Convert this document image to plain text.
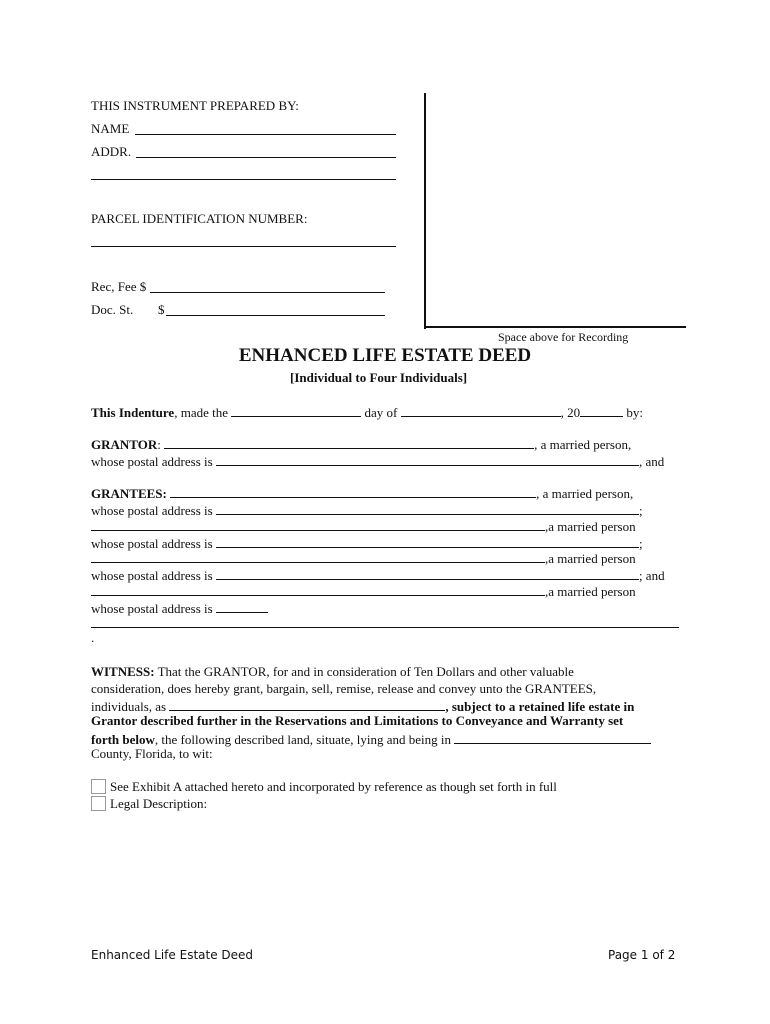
THIS INSTRUMENT PREPARED BY:
NAME
ADDR.
PARCEL IDENTIFICATION NUMBER:
Rec, Fee $
Doc. St. $
Space above for Recording
ENHANCED LIFE ESTATE DEED
[Individual to Four Individuals]
This Indenture, made the	day of	, 20	by:
GRANTOR:	, a married person,
whose postal address is	, and
GRANTEES:	, a married person,
whose postal address is	;
,a married person
whose postal address is	;
,a married person
whose postal address is	; and
,a married person
whose postal address is
.
WITNESS: That the GRANTOR, for and in consideration of Ten Dollars and other valuable
consideration, does hereby grant, bargain, sell, remise, release and convey unto the GRANTEES,
individuals, as	, subject to a retained life estate in
Grantor described further in the Reservations and Limitations to Conveyance and Warranty set
forth below, the following described land, situate, lying and being in
County, Florida, to wit:
See Exhibit A attached hereto and incorporated by reference as though set forth in full
Legal Description:
Enhanced Life Estate Deed	Page 1 of 2
